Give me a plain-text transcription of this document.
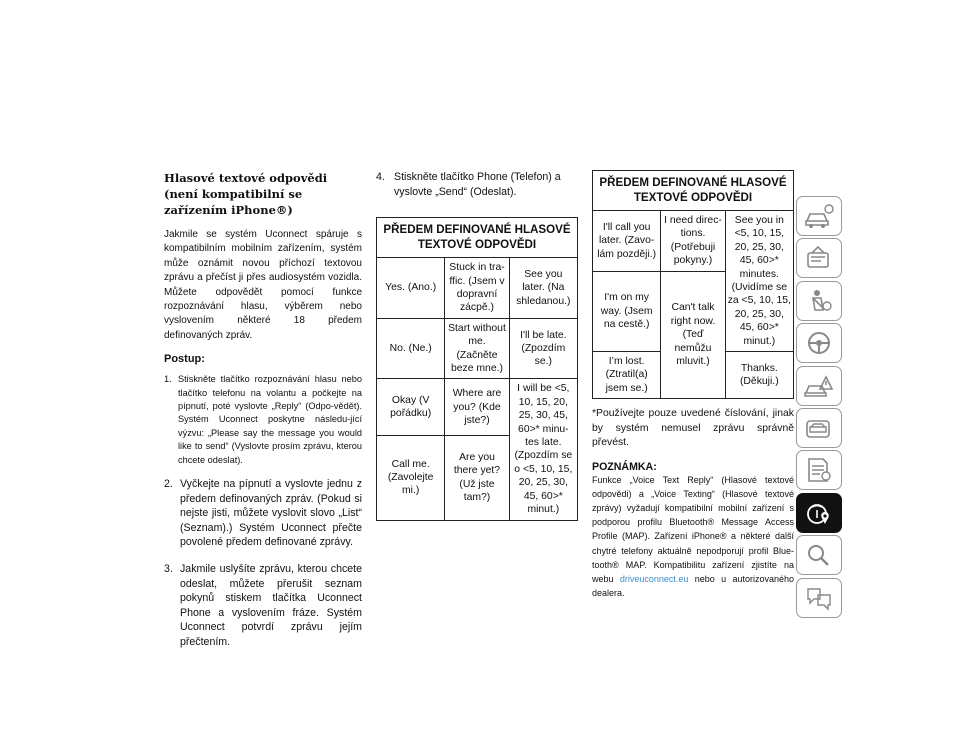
Hlasové textové odpovědi (není kompatibilní se zařízením iPhone®)

Jakmile se systém Uconnect spáruje s kompatibilním mobilním zařízením, systém může oznámit novou příchozí textovou zprávu a přečíst ji přes audiosystém vozidla. Můžete odpovědět pomocí funkce rozpoznávání hlasu, výběrem nebo vyslovením některé 18 předem definovaných zpráv.

Postup:
1. Stiskněte tlačítko rozpoznávání hlasu nebo tlačítko telefonu na volantu a počkejte na pípnutí, poté vyslovte „Reply“ (Odpo-vědět). Systém Uconnect poskytne následu-jící výzvu: „Please say the message you would like to send“ (Vyslovte prosím zprávu, kterou chcete odeslat).
2. Vyčkejte na pípnutí a vyslovte jednu z předem definovaných zpráv. (Pokud si nejste jisti, můžete vyslovit slovo „List“ (Seznam).) Systém Uconnect přečte povolené předem definované zprávy.
3. Jakmile uslyšíte zprávu, kterou chcete odeslat, můžete přerušit seznam pokynů stiskem tlačítka Uconnect Phone a vyslovením fráze. Systém Uconnect potvrdí zprávu jejím přečtením.
4. Stiskněte tlačítko Phone (Telefon) a vyslovte „Send“ (Odeslat).
PŘEDEM DEFINOVANÉ HLASOVÉ TEXTOVÉ ODPOVĚDI		
Yes. (Ano.)	Stuck in tra-ffic. (Jsem v dopravní zácpě.)	See you later. (Na shledanou.)
No. (Ne.)	Start without me. (Začněte beze mne.)	I'll be late. (Zpozdím se.)
Okay (V pořádku)	Where are you? (Kde jste?)	I will be <5, 10, 15, 20, 25, 30, 45, 60>* minu-tes late. (Zpozdím se o <5, 10, 15, 20, 25, 30, 45, 60>* minut.)
Call me. (Zavolejte mi.)	Are you there yet? (Už jste tam?)	
PŘEDEM DEFINOVANÉ HLASOVÉ TEXTOVÉ ODPOVĚDI		
I'll call you later. (Zavo-lám později.)	I need direc-tions. (Potřebuji pokyny.)	See you in <5, 10, 15, 20, 25, 30, 45, 60>* minutes. (Uvidíme se za <5, 10, 15, 20, 25, 30, 45, 60>* minut.)
I'm on my way. (Jsem na cestě.)	Can't talk right now. (Teď nemůžu mluvit.)	
I’m lost. (Ztratil(a) jsem se.)		Thanks. (Děkuji.)

*Používejte pouze uvedené číslování, jinak by systém nemusel zprávu správně převést.

POZNÁMKA:

Funkce „Voice Text Reply“ (Hlasové textové odpovědi) a „Voice Texting“ (Hlasové textové zprávy) vyžadují kompatibilní mobilní zařízení s podporou profilu Bluetooth® Message Access Profile (MAP). Zařízení iPhone® a některé další chytré telefony aktuálně nepodporují profil Blue-tooth® MAP. Kompatibilitu zařízení zjistíte na webu driveuconnect.eu nebo u autorizovaného dealera.
